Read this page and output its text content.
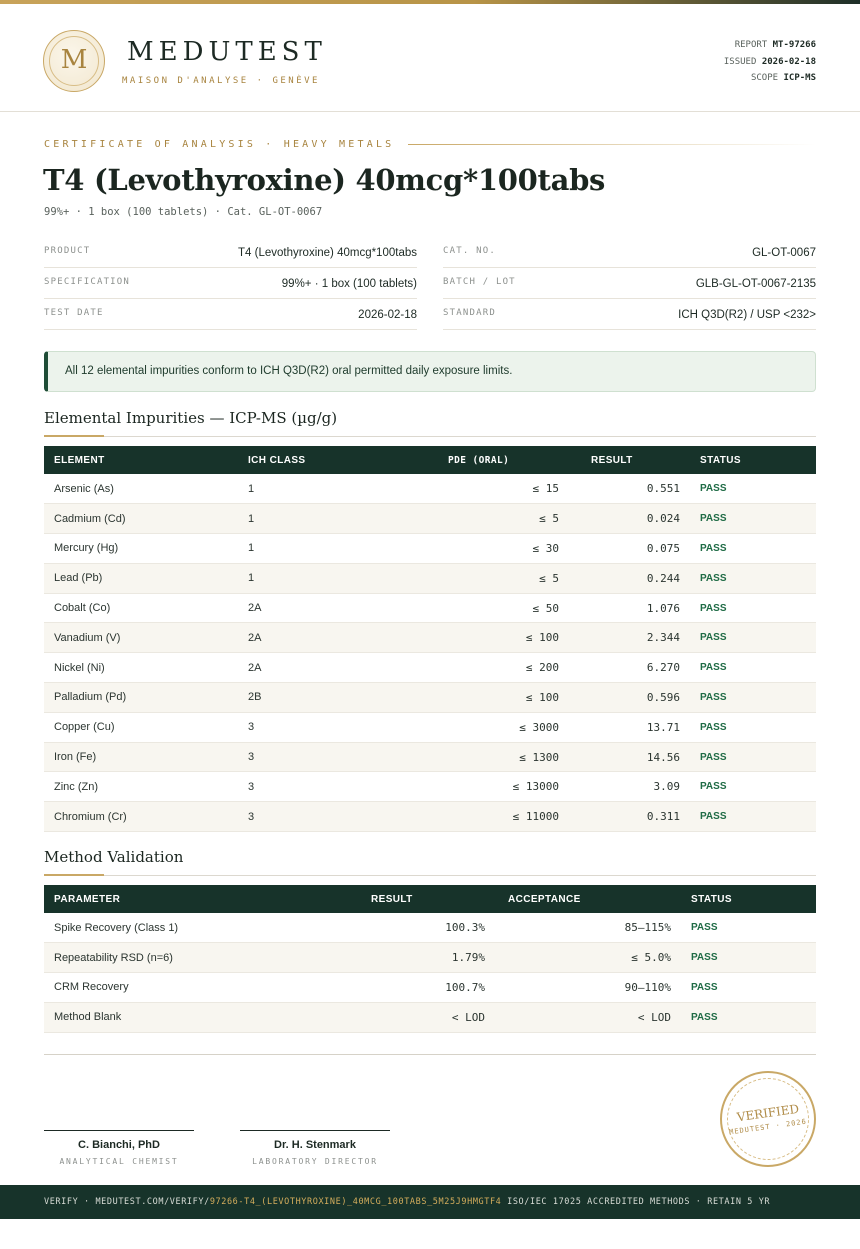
M	MEDUTEST
MAISON D'ANALYSE · GENÈVE
REPORT MT-97266
ISSUED 2026-02-18
SCOPE ICP-MS
CERTIFICATE OF ANALYSIS · HEAVY METALS
T4 (Levothyroxine) 40mcg*100tabs
99%+ · 1 box (100 tablets) · Cat. GL-OT-0067
PRODUCT	T4 (Levothyroxine) 40mcg*100tabs
SPECIFICATION	99%+ · 1 box (100 tablets)
TEST DATE	2026-02-18
CAT. NO.	GL-OT-0067
BATCH / LOT	GLB-GL-OT-0067-2135
STANDARD	ICH Q3D(R2) / USP <232>
All 12 elemental impurities conform to ICH Q3D(R2) oral permitted daily exposure limits.
Elemental Impurities — ICP-MS (µg/g)
ELEMENT	ICH CLASS	PDE (ORAL)	RESULT	STATUS
Arsenic (As)	1	≤ 15	0.551	PASS
Cadmium (Cd)	1	≤ 5	0.024	PASS
Mercury (Hg)	1	≤ 30	0.075	PASS
Lead (Pb)	1	≤ 5	0.244	PASS
Cobalt (Co)	2A	≤ 50	1.076	PASS
Vanadium (V)	2A	≤ 100	2.344	PASS
Nickel (Ni)	2A	≤ 200	6.270	PASS
Palladium (Pd)	2B	≤ 100	0.596	PASS
Copper (Cu)	3	≤ 3000	13.71	PASS
Iron (Fe)	3	≤ 1300	14.56	PASS
Zinc (Zn)	3	≤ 13000	3.09	PASS
Chromium (Cr)	3	≤ 11000	0.311	PASS
Method Validation
PARAMETER	RESULT	ACCEPTANCE	STATUS
Spike Recovery (Class 1)	100.3%	85–115%	PASS
Repeatability RSD (n=6)	1.79%	≤ 5.0%	PASS
CRM Recovery	100.7%	90–110%	PASS
Method Blank	< LOD	< LOD	PASS
C. Bianchi, PhD
ANALYTICAL CHEMIST
Dr. H. Stenmark
LABORATORY DIRECTOR
VERIFIED
MEDUTEST · 2026
VERIFY · MEDUTEST.COM/VERIFY/97266-T4_(LEVOTHYROXINE)_40MCG_100TABS_5M25J9HMGTF4 ISO/IEC 17025 ACCREDITED METHODS · RETAIN 5 YR
